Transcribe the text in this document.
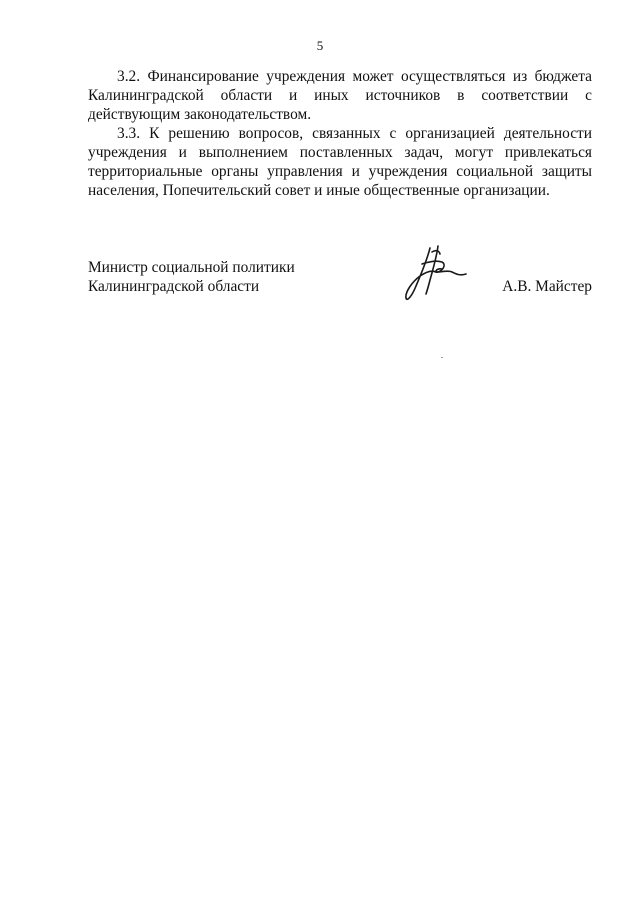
5

3.2. Финансирование учреждения может осуществляться из бюджета Калининградской области и иных источников в соответствии с действующим законодательством.

3.3. К решению вопросов, связанных с организацией деятельности учреждения и выполнением поставленных задач, могут привлекаться территориальные органы управления и учреждения социальной защиты населения, Попечительский совет и иные общественные организации.

Министр социальной политики
Калининградской области	А.В. Майстер
